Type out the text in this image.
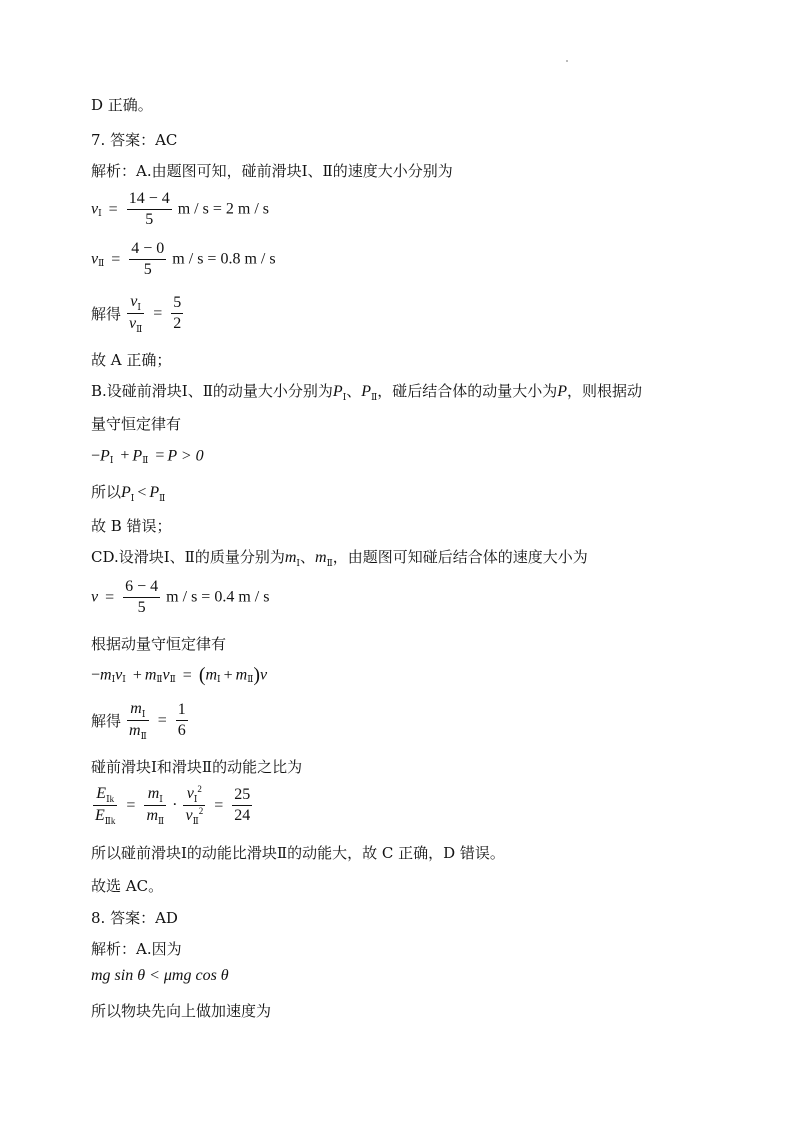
D 正确。

7. 答案：AC

解析：A.由题图可知，碰前滑块Ⅰ、Ⅱ的速度大小分别为

$v_Ⅰ = \frac{14 - 4}{5}$ m / s = 2 m / s
$v_Ⅱ = \frac{4 - 0}{5}$ m / s = 0.8 m / s
解得 $\frac{v_Ⅰ}{v_Ⅱ} = \frac{5}{2}$

故 A 正确；

B.设碰前滑块Ⅰ、Ⅱ的动量大小分别为$P_Ⅰ$、$P_Ⅱ$，碰后结合体的动量大小为P，则根据动

量守恒定律有

$-P_Ⅰ + P_Ⅱ = P > 0$

所以$P_Ⅰ < P_Ⅱ$

故 B 错误；

CD.设滑块Ⅰ、Ⅱ的质量分别为$m_Ⅰ$、$m_Ⅱ$，由题图可知碰后结合体的速度大小为

$v = \frac{6 - 4}{5}$ m / s = 0.4 m / s

根据动量守恒定律有

$-m_Ⅰv_Ⅰ + m_Ⅱv_Ⅱ = (m_Ⅰ + m_Ⅱ)v$
解得 $\frac{m_Ⅰ}{m_Ⅱ} = \frac{1}{6}$

碰前滑块Ⅰ和滑块Ⅱ的动能之比为

$\frac{E_{Ⅰk}}{E_{Ⅱk}} = \frac{m_Ⅰ}{m_Ⅱ} \cdot \frac{v_Ⅰ^2}{v_Ⅱ^2} = \frac{25}{24}$

所以碰前滑块Ⅰ的动能比滑块Ⅱ的动能大，故 C 正确，D 错误。

故选 AC。

8. 答案：AD

解析：A.因为

mg sin θ < μmg cos θ

所以物块先向上做加速度为
